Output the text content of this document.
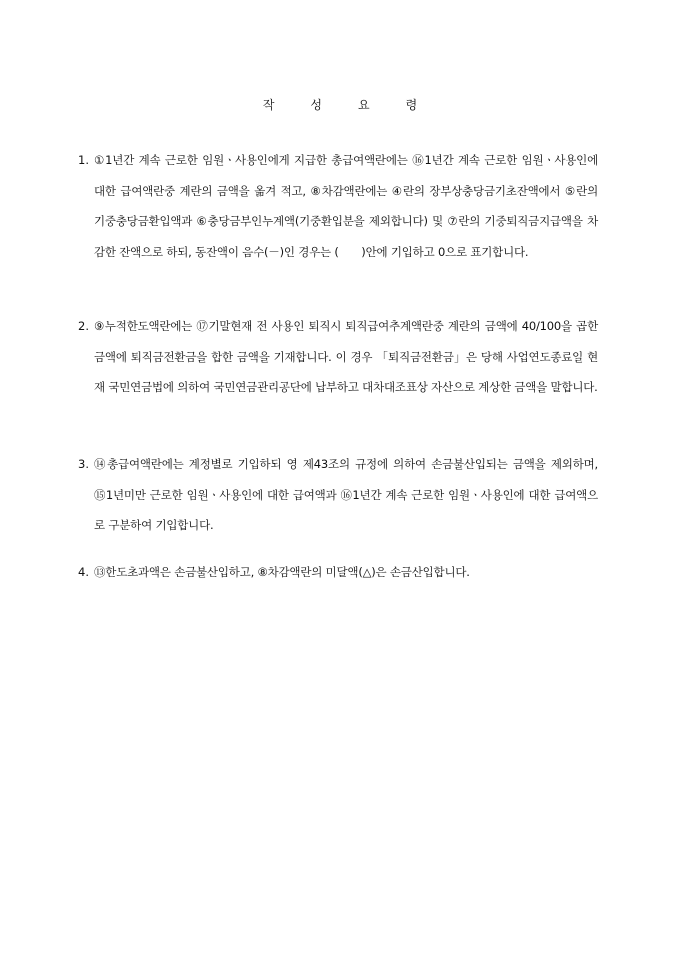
작	성	요	령
1. ①1년간 계속 근로한 임원ㆍ사용인에게 지급한 총급여액란에는 ⑯1년간 계속 근로한 임원ㆍ사용인에 대한 급여액란중 계란의 금액을 옮겨 적고, ⑧차감액란에는 ④란의 장부상충당금기초잔액에서 ⑤란의 기중충당금환입액과 ⑥충당금부인누계액(기중환입분을 제외합니다) 및 ⑦란의 기중퇴직금지급액을 차감한 잔액으로 하되, 동잔액이 음수(－)인 경우는 (　　)안에 기입하고 0으로 표기합니다.
2. ⑨누적한도액란에는 ⑰기말현재 전 사용인 퇴직시 퇴직급여추계액란중 계란의 금액에 40/100을 곱한 금액에 퇴직금전환금을 합한 금액을 기재합니다. 이 경우 「퇴직금전환금」은 당해 사업연도종료일 현재 국민연금법에 의하여 국민연금관리공단에 납부하고 대차대조표상 자산으로 계상한 금액을 말합니다.
3. ⑭총급여액란에는 계정별로 기입하되 영 제43조의 규정에 의하여 손금불산입되는 금액을 제외하며, ⑮1년미만 근로한 임원ㆍ사용인에 대한 급여액과 ⑯1년간 계속 근로한 임원ㆍ사용인에 대한 급여액으로 구분하여 기입합니다.
4. ⑬한도초과액은 손금불산입하고, ⑧차감액란의 미달액(△)은 손금산입합니다.
